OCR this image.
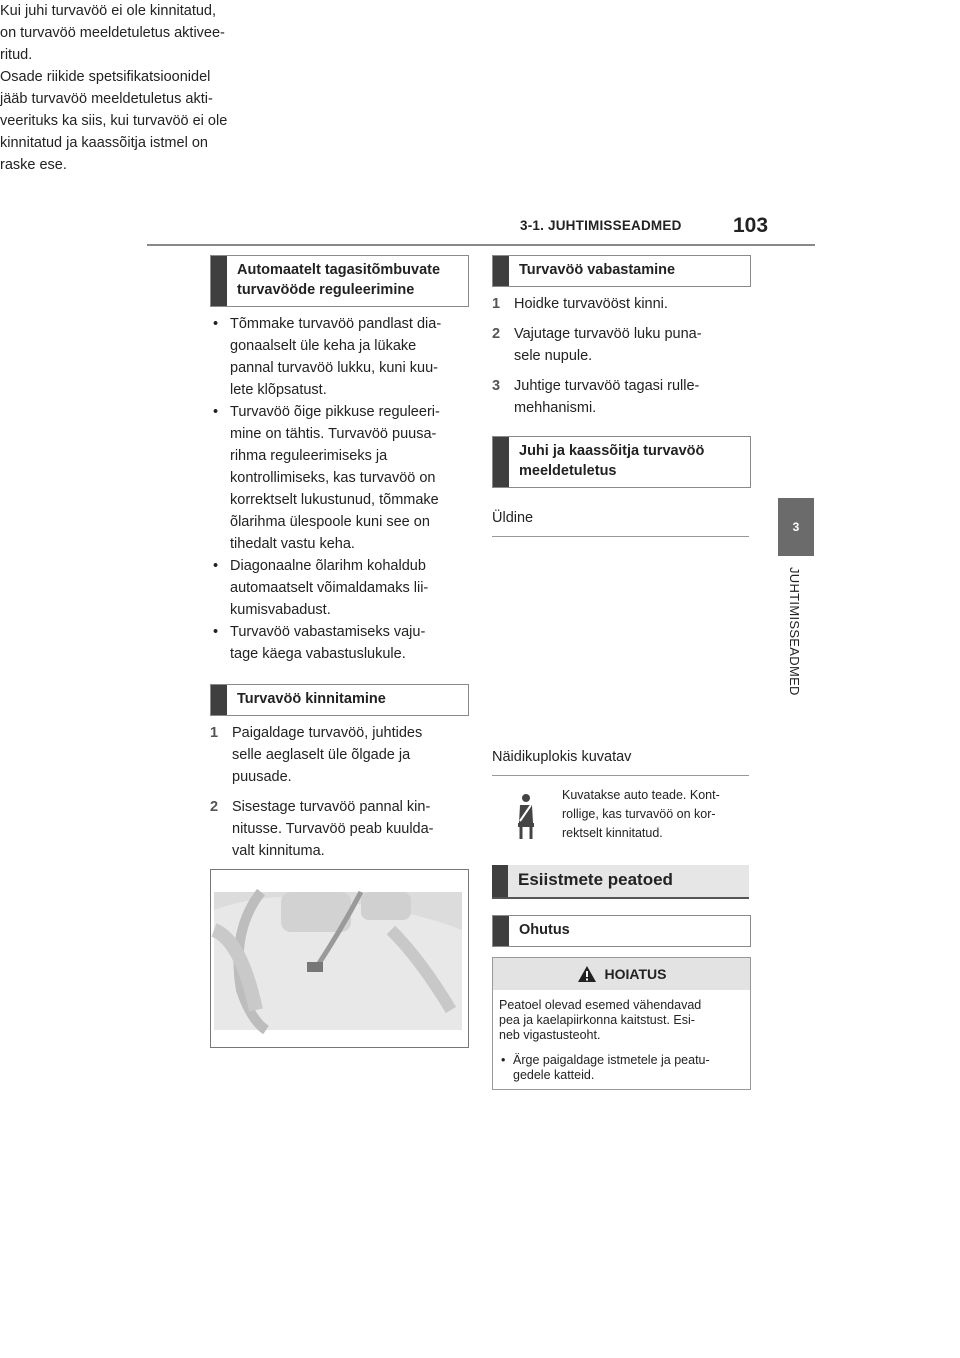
3-1. JUHTIMISSEADMED 103
3
JUHTIMISSEADMED
Automaatelt tagasitõmbuvate
turvavööde reguleerimine
• Tõmmake turvavöö pandlast dia-
gonaalselt üle keha ja lükake
pannal turvavöö lukku, kuni kuu-
lete klõpsatust.
• Turvavöö õige pikkuse reguleeri-
mine on tähtis. Turvavöö puusa-
rihma reguleerimiseks ja
kontrollimiseks, kas turvavöö on
korrektselt lukustunud, tõmmake
õlarihma ülespoole kuni see on
tihedalt vastu keha.
• Diagonaalne õlarihm kohaldub
automaatselt võimaldamaks lii-
kumisvabadust.
• Turvavöö vabastamiseks vaju-
tage käega vabastuslukule.
Turvavöö kinnitamine
1 Paigaldage turvavöö, juhtides
selle aeglaselt üle õlgade ja
puusade.
2 Sisestage turvavöö pannal kin-
nitusse. Turvavöö peab kuulda-
valt kinnituma.
Turvavöö vabastamine
1 Hoidke turvavööst kinni.
2 Vajutage turvavöö luku puna-
sele nupule.
3 Juhtige turvavöö tagasi rulle-
mehhanismi.
Juhi ja kaassõitja turvavöö
meeldetuletus
Üldine
Kui juhi turvavöö ei ole kinnitatud,
on turvavöö meeldetuletus aktivee-
ritud.
Osade riikide spetsifikatsioonidel
jääb turvavöö meeldetuletus akti-
veerituks ka siis, kui turvavöö ei ole
kinnitatud ja kaassõitja istmel on
raske ese.
Näidikuplokis kuvatav
Kuvatakse auto teade. Kont-
rollige, kas turvavöö on kor-
rektselt kinnitatud.
Esiistmete peatoed
Ohutus
HOIATUS
Peatoel olevad esemed vähendavad
pea ja kaelapiirkonna kaitstust. Esi-
neb vigastusteoht.
• Ärge paigaldage istmetele ja peatu-
gedele katteid.
